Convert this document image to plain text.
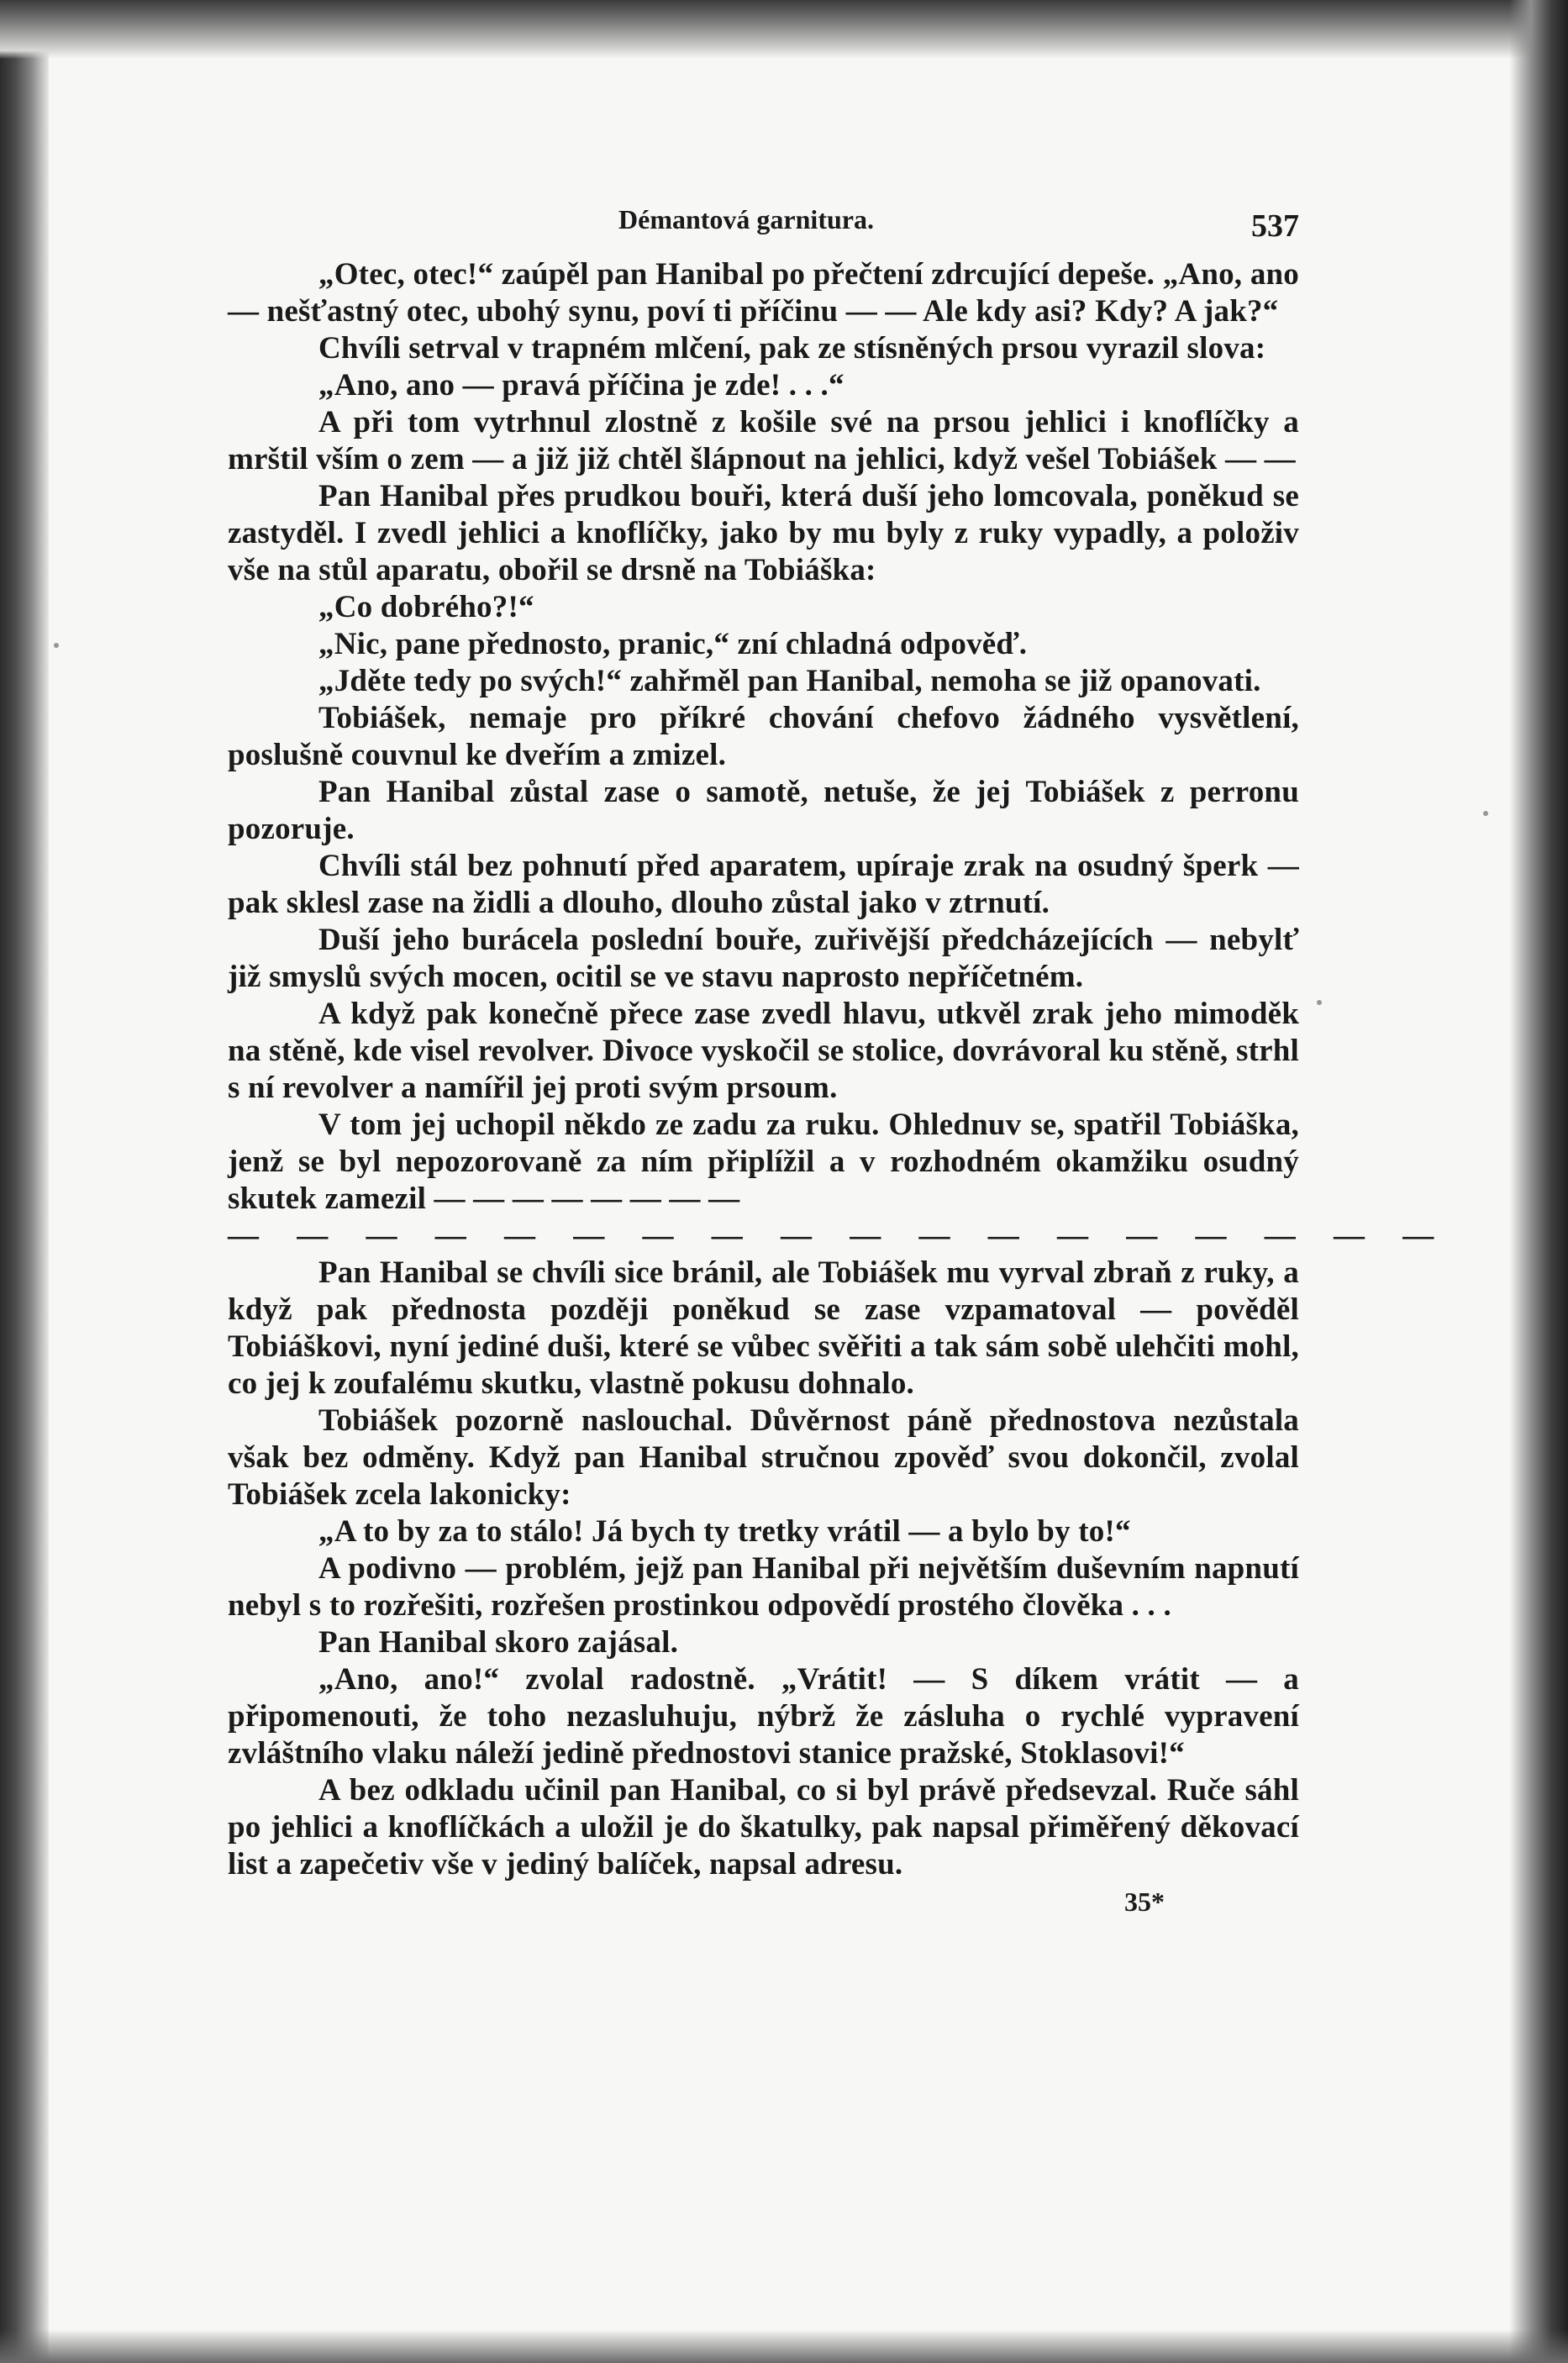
Démantová garnitura.	537

„Otec, otec!“ zaúpěl pan Hanibal po přečtení zdrcující depeše. „Ano, ano — nešťastný otec, ubohý synu, poví ti příčinu — — Ale kdy asi? Kdy? A jak?“

Chvíli setrval v trapném mlčení, pak ze stísněných prsou vyrazil slova:

„Ano, ano — pravá příčina je zde! . . .“

A při tom vytrhnul zlostně z košile své na prsou jehlici i knoflíčky a mrštil vším o zem — a již již chtěl šlápnout na jehlici, když vešel Tobiášek — —

Pan Hanibal přes prudkou bouři, která duší jeho lomcovala, poněkud se zastyděl. I zvedl jehlici a knoflíčky, jako by mu byly z ruky vypadly, a položiv vše na stůl aparatu, obořil se drsně na Tobiáška:

„Co dobrého?!“

„Nic, pane přednosto, pranic,“ zní chladná odpověď.

„Jděte tedy po svých!“ zahřměl pan Hanibal, nemoha se již opanovati.

Tobiášek, nemaje pro příkré chování chefovo žádného vysvětlení, poslušně couvnul ke dveřím a zmizel.

Pan Hanibal zůstal zase o samotě, netuše, že jej Tobiášek z perronu pozoruje.

Chvíli stál bez pohnutí před aparatem, upíraje zrak na osudný šperk — pak sklesl zase na židli a dlouho, dlouho zůstal jako v ztrnutí.

Duší jeho burácela poslední bouře, zuřivější předcházejících — nebylť již smyslů svých mocen, ocitil se ve stavu naprosto nepříčetném.

A když pak konečně přece zase zvedl hlavu, utkvěl zrak jeho mimoděk na stěně, kde visel revolver. Divoce vyskočil se stolice, dovrávoral ku stěně, strhl s ní revolver a namířil jej proti svým prsoum.

V tom jej uchopil někdo ze zadu za ruku. Ohlednuv se, spatřil Tobiáška, jenž se byl nepozorovaně za ním připlížil a v rozhodném okamžiku osudný skutek zamezil — — — — — — — —

— — — — — — — — — — — — — — — — — —

Pan Hanibal se chvíli sice bránil, ale Tobiášek mu vyrval zbraň z ruky, a když pak přednosta později poněkud se zase vzpamatoval — pověděl Tobiáškovi, nyní jediné duši, které se vůbec svěřiti a tak sám sobě ulehčiti mohl, co jej k zoufalému skutku, vlastně pokusu dohnalo.

Tobiášek pozorně naslouchal. Důvěrnost páně přednostova nezůstala však bez odměny. Když pan Hanibal stručnou zpověď svou dokončil, zvolal Tobiášek zcela lakonicky:

„A to by za to stálo! Já bych ty tretky vrátil — a bylo by to!“

A podivno — problém, jejž pan Hanibal při největším duševním napnutí nebyl s to rozřešiti, rozřešen prostinkou odpovědí prostého člověka . . .

Pan Hanibal skoro zajásal.

„Ano, ano!“ zvolal radostně. „Vrátit! — S díkem vrátit — a připomenouti, že toho nezasluhuju, nýbrž že zásluha o rychlé vypravení zvláštního vlaku náleží jedině přednostovi stanice pražské, Stoklasovi!“

A bez odkladu učinil pan Hanibal, co si byl právě předsevzal. Ruče sáhl po jehlici a knoflíčkách a uložil je do škatulky, pak napsal přiměřený děkovací list a zapečetiv vše v jediný balíček, napsal adresu.

35*
